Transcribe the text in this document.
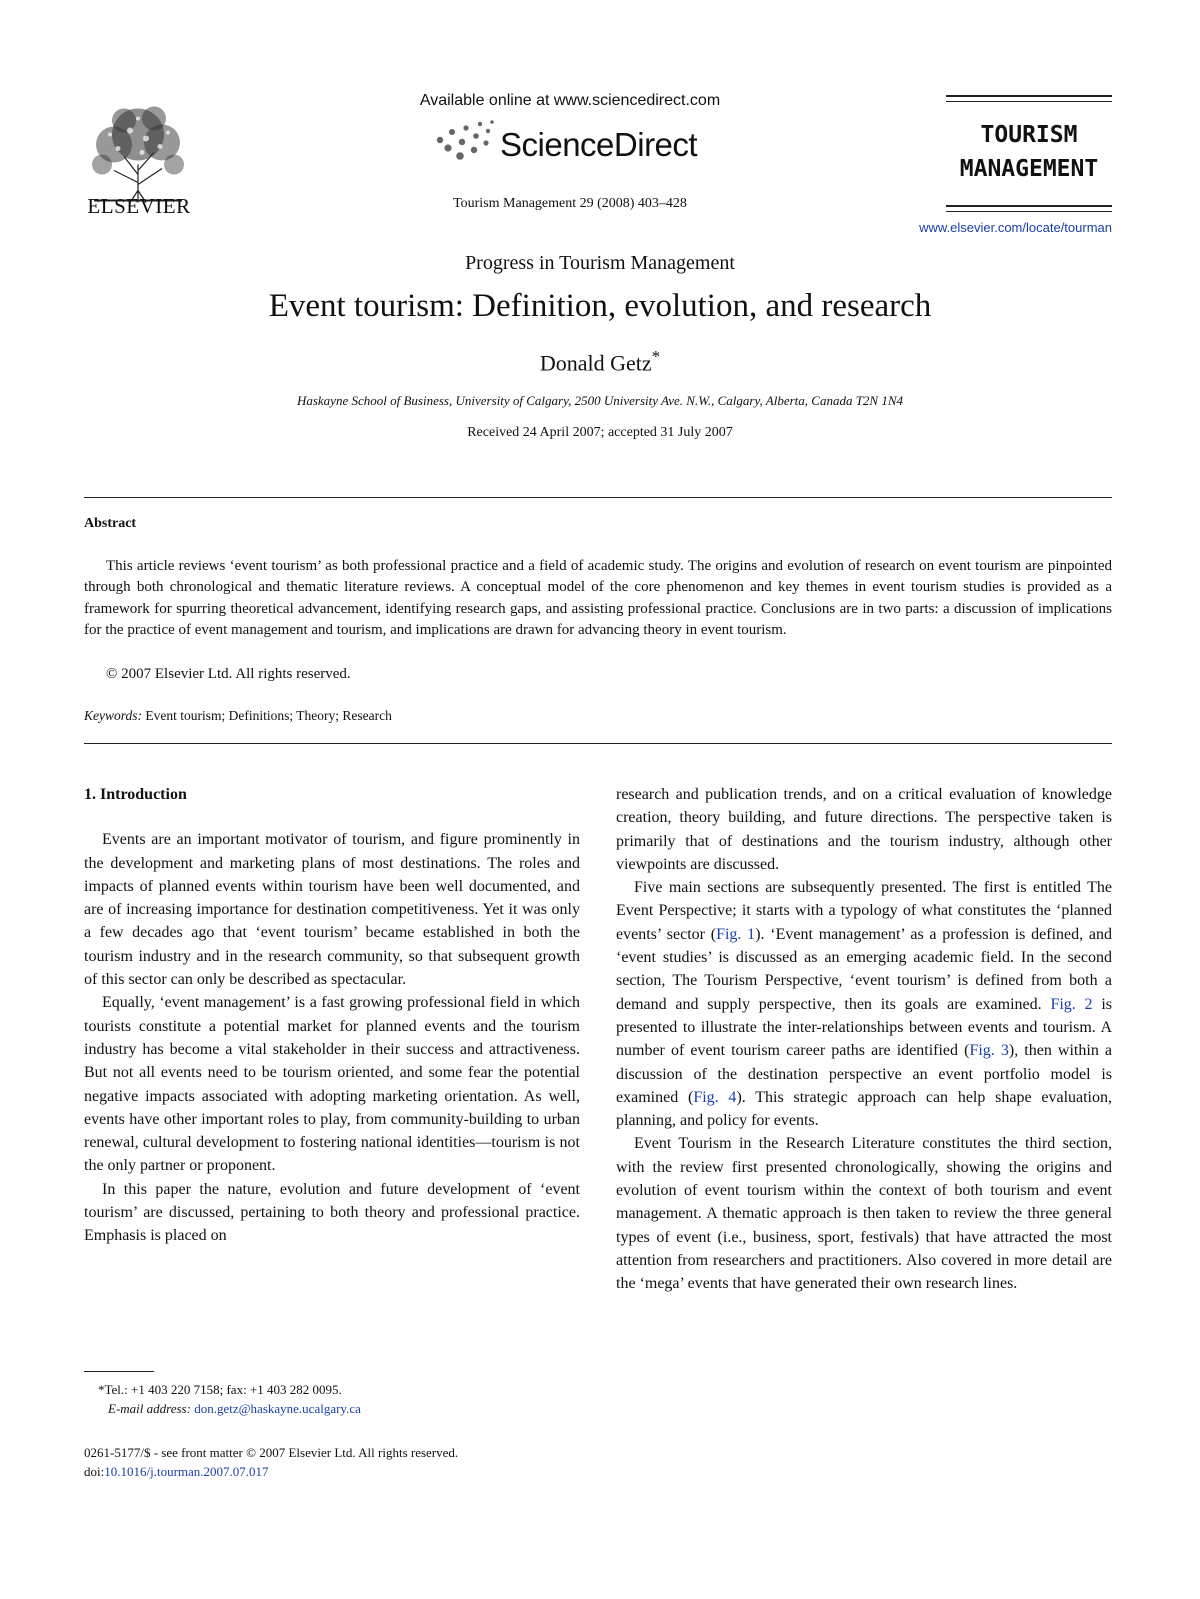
ELSEVIER
Available online at www.sciencedirect.com
ScienceDirect
Tourism Management 29 (2008) 403–428
TOURISM
MANAGEMENT
www.elsevier.com/locate/tourman
Progress in Tourism Management
Event tourism: Definition, evolution, and research
Donald Getz*
Haskayne School of Business, University of Calgary, 2500 University Ave. N.W., Calgary, Alberta, Canada T2N 1N4
Received 24 April 2007; accepted 31 July 2007
Abstract
This article reviews ‘event tourism’ as both professional practice and a field of academic study. The origins and evolution of research on event tourism are pinpointed through both chronological and thematic literature reviews. A conceptual model of the core phenomenon and key themes in event tourism studies is provided as a framework for spurring theoretical advancement, identifying research gaps, and assisting professional practice. Conclusions are in two parts: a discussion of implications for the practice of event management and tourism, and implications are drawn for advancing theory in event tourism.
© 2007 Elsevier Ltd. All rights reserved.
Keywords: Event tourism; Definitions; Theory; Research

1. Introduction

Events are an important motivator of tourism, and figure prominently in the development and marketing plans of most destinations. The roles and impacts of planned events within tourism have been well documented, and are of increasing importance for destination competitiveness. Yet it was only a few decades ago that ‘event tourism’ became established in both the tourism industry and in the research community, so that subsequent growth of this sector can only be described as spectacular.

Equally, ‘event management’ is a fast growing professional field in which tourists constitute a potential market for planned events and the tourism industry has become a vital stakeholder in their success and attractiveness. But not all events need to be tourism oriented, and some fear the potential negative impacts associated with adopting marketing orientation. As well, events have other important roles to play, from community-building to urban renewal, cultural development to fostering national identities—tourism is not the only partner or proponent.

In this paper the nature, evolution and future development of ‘event tourism’ are discussed, pertaining to both theory and professional practice. Emphasis is placed on

research and publication trends, and on a critical evaluation of knowledge creation, theory building, and future directions. The perspective taken is primarily that of destinations and the tourism industry, although other viewpoints are discussed.

Five main sections are subsequently presented. The first is entitled The Event Perspective; it starts with a typology of what constitutes the ‘planned events’ sector (Fig. 1). ‘Event management’ as a profession is defined, and ‘event studies’ is discussed as an emerging academic field. In the second section, The Tourism Perspective, ‘event tourism’ is defined from both a demand and supply perspective, then its goals are examined. Fig. 2 is presented to illustrate the inter-relationships between events and tourism. A number of event tourism career paths are identified (Fig. 3), then within a discussion of the destination perspective an event portfolio model is examined (Fig. 4). This strategic approach can help shape evaluation, planning, and policy for events.

Event Tourism in the Research Literature constitutes the third section, with the review first presented chronologically, showing the origins and evolution of event tourism within the context of both tourism and event management. A thematic approach is then taken to review the three general types of event (i.e., business, sport, festivals) that have attracted the most attention from researchers and practitioners. Also covered in more detail are the ‘mega’ events that have generated their own research lines.

*Tel.: +1 403 220 7158; fax: +1 403 282 0095.
E-mail address: don.getz@haskayne.ucalgary.ca
0261-5177/$ - see front matter © 2007 Elsevier Ltd. All rights reserved.
doi:10.1016/j.tourman.2007.07.017
